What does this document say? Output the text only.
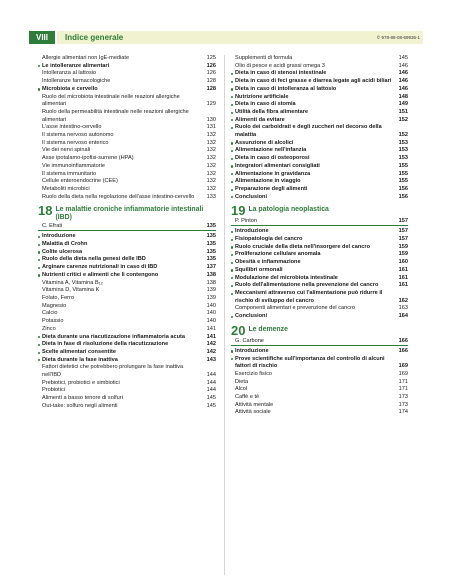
VIII	Indice generale	© 978-88-08-69936-1
Allergie alimentari non IgE-mediate	125
Le intolleranze alimentari	126
Intolleranza al lattosio	126
Intolleranze farmacologiche	128
Microbiota e cervello	128
Ruolo del microbiota intestinale nelle reazioni allergiche alimentari	129
Ruolo della permeabilità intestinale nelle reazioni allergiche alimentari	130
L'asse intestino-cervello	131
Il sistema nervoso autonomo	132
Il sistema nervoso enterico	132
Vie dei nervi spinali	132
Asse ipotalamo-ipofisi-surrene (HPA)	132
Vie immunoinfiammatorie	132
Il sistema immunitario	132
Cellule enteroendocrine (CEE)	132
Metaboliti microbici	132
Ruolo della dieta nella regolazione dell'asse intestino-cervello	133
18 Le malattie croniche infiammatorie intestinali (IBD)
C. Efrati	135
Introduzione	135
Malattia di Crohn	135
Colite ulcerosa	135
Ruolo della dieta nella genesi delle IBD	135
Arginare carenze nutrizionali in caso di IBD	137
Nutrienti critici e alimenti che li contengono	138
Vitamina A, Vitamina B₁₂	138
Vitamina D, Vitamina K	139
Folato, Ferro	139
Magnesio	140
Calcio	140
Potassio	140
Zinco	141
Dieta durante una riacutizzazione infiammatoria acuta	141
Dieta in fase di risoluzione della riacutizzazione	142
Scelte alimentari consentite	142
Dieta durante la fase inattiva	143
Fattori dietetici che potrebbero prolungare la fase inattiva nell'IBD	144
Prebiotici, probiotici e simbiotici	144
Probiotici	144
Alimenti a basso tenore di solfuri	145
Out-take: solfuro negli alimenti	145
Supplementi di formula	145
Olio di pesce e acidi grassi omega 3	146
Dieta in caso di stenosi intestinale	146
Dieta in caso di feci grasse e diarrea legate agli acidi biliari	146
Dieta in caso di intolleranza al lattosio	146
Nutrizione artificiale	148
Dieta in caso di stomia	149
Utilità della fibra alimentare	151
Alimenti da evitare	152
Ruolo dei carboidrati e degli zuccheri nel decorso della malattia	152
Assunzione di alcolici	153
Alimentazione nell'infanzia	153
Dieta in caso di osteoporosi	153
Integratori alimentari consigliati	155
Alimentazione in gravidanza	155
Alimentazione in viaggio	155
Preparazione degli alimenti	156
Conclusioni	156
19 La patologia neoplastica
P. Pinton	157
Introduzione	157
Fisiopatologia del cancro	157
Ruolo cruciale della dieta nell'insorgere del cancro	159
Proliferazione cellulare anomala	159
Obesità e infiammazione	160
Squilibri ormonali	161
Modulazione del microbiota intestinale	161
Ruolo dell'alimentazione nella prevenzione del cancro	161
Meccanismi attraverso cui l'alimentazione può ridurre il rischio di sviluppo del cancro	162
Componenti alimentari e prevenzione del cancro	163
Conclusioni	164
20 Le demenze
G. Carbone	166
Introduzione	166
Prove scientifiche sull'importanza del controllo di alcuni fattori di rischio	169
Esercizio fisico	169
Dieta	171
Alcol	171
Caffè e tè	173
Attività mentale	173
Attività sociale	174
